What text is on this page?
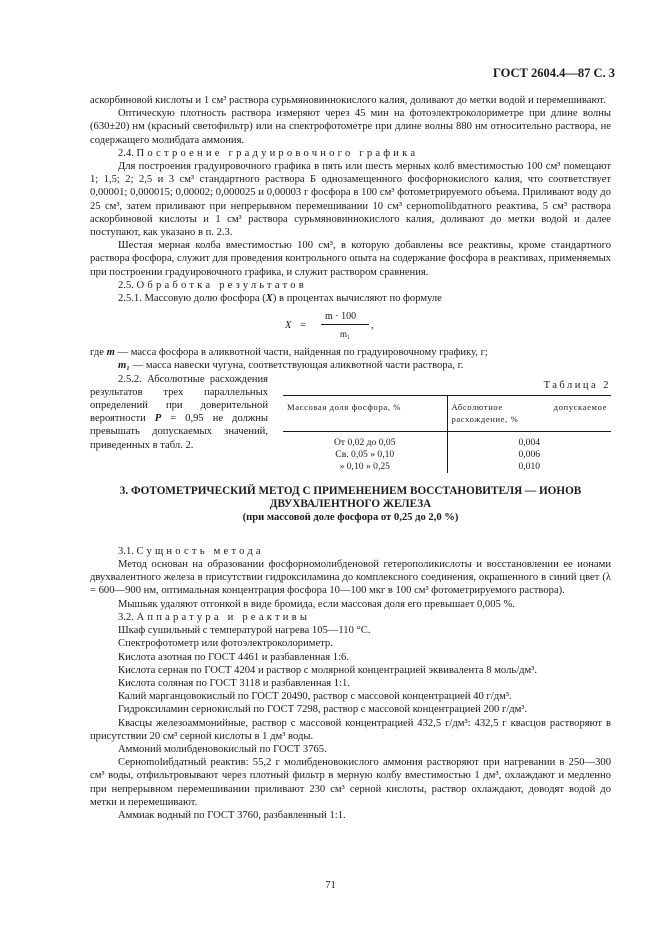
ГОСТ 2604.4—87 С. 3

аскорбиновой кислоты и 1 см³ раствора сурьмяновиннокислого калия, доливают до метки водой и перемешивают.

Оптическую плотность раствора измеряют через 45 мин на фотоэлектроколориметре при длине волны (630±20) нм (красный светофильтр) или на спектрофотометре при длине волны 880 нм относительно раствора, не содержащего молибдата аммония.

2.4. Построение градуировочного графика

Для построения градуировочного графика в пять или шесть мерных колб вместимостью 100 см³ помещают 1; 1,5; 2; 2,5 и 3 см³ стандартного раствора Б однозамещенного фосфорнокислого калия, что соответствует 0,00001; 0,000015; 0,00002; 0,000025 и 0,00003 г фосфора в 100 см³ фотометрируемого объема. Приливают воду до 25 см³, затем приливают при непрерывном перемешивании 10 см³ сернomolibдатного реактива, 5 см³ раствора аскорбиновой кислоты и 1 см³ раствора сурьмяновиннокислого калия, доливают до метки водой и далее поступают, как указано в п. 2.3.

Шестая мерная колба вместимостью 100 см³, в которую добавлены все реактивы, кроме стандартного раствора фосфора, служит для проведения контрольного опыта на содержание фосфора в реактивах, применяемых при построении градуировочного графика, и служит раствором сравнения.

2.5. Обработка результатов

2.5.1. Массовую долю фосфора (X) в процентах вычисляют по формуле

X =
m · 100
m₁
,

где m — масса фосфора в аликвотной части, найденная по градуировочному графику, г;

m₁ — масса навески чугуна, соответствующая аликвотной части раствора, г.

2.5.2. Абсолютные расхождения результатов трех параллельных определений при доверительной вероятности P = 0,95 не должны превышать допускаемых значений, приведенных в табл. 2.

Таблица 2
Массовая доля фосфора, %	Абсолютное допускаемое расхождение, %
От 0,02 до 0,05	0,004
Св. 0,05 » 0,10	0,006
» 0,10 » 0,25	0,010
3. ФОТОМЕТРИЧЕСКИЙ МЕТОД С ПРИМЕНЕНИЕМ ВОССТАНОВИТЕЛЯ — ИОНОВ ДВУХВАЛЕНТНОГО ЖЕЛЕЗА
(при массовой доле фосфора от 0,25 до 2,0 %)

3.1. Сущность метода

Метод основан на образовании фосфорномолибденовой гетерополикислоты и восстановлении ее ионами двухвалентного железа в присутствии гидроксиламина до комплексного соединения, окрашенного в синий цвет (λ = 600—900 нм, оптимальная концентрация фосфора 10—100 мкг в 100 см³ фотометрируемого раствора).

Мышьяк удаляют отгонкой в виде бромида, если массовая доля его превышает 0,005 %.

3.2. Аппаратура и реактивы

Шкаф сушильный с температурой нагрева 105—110 °С.

Спектрофотометр или фотоэлектроколориметр.

Кислота азотная по ГОСТ 4461 и разбавленная 1:6.

Кислота серная по ГОСТ 4204 и раствор с молярной концентрацией эквивалента 8 моль/дм³.

Кислота соляная по ГОСТ 3118 и разбавленная 1:1.

Калий марганцовокислый по ГОСТ 20490, раствор с массовой концентрацией 40 г/дм³.

Гидроксиламин сернокислый по ГОСТ 7298, раствор с массовой концентрацией 200 г/дм³.

Квасцы железоаммонийные, раствор с массовой концентрацией 432,5 г/дм³: 432,5 г квасцов растворяют в присутствии 20 см³ серной кислоты в 1 дм³ воды.

Аммоний молибденовокислый по ГОСТ 3765.

Сернomolибдатный реактив: 55,2 г молибденовокислого аммония растворяют при нагревании в 250—300 см³ воды, отфильтровывают через плотный фильтр в мерную колбу вместимостью 1 дм³, охлаждают и медленно при непрерывном перемешивании приливают 230 см³ серной кислоты, раствор охлаждают, доводят водой до метки и перемешивают.

Аммиак водный по ГОСТ 3760, разбавленный 1:1.

71
